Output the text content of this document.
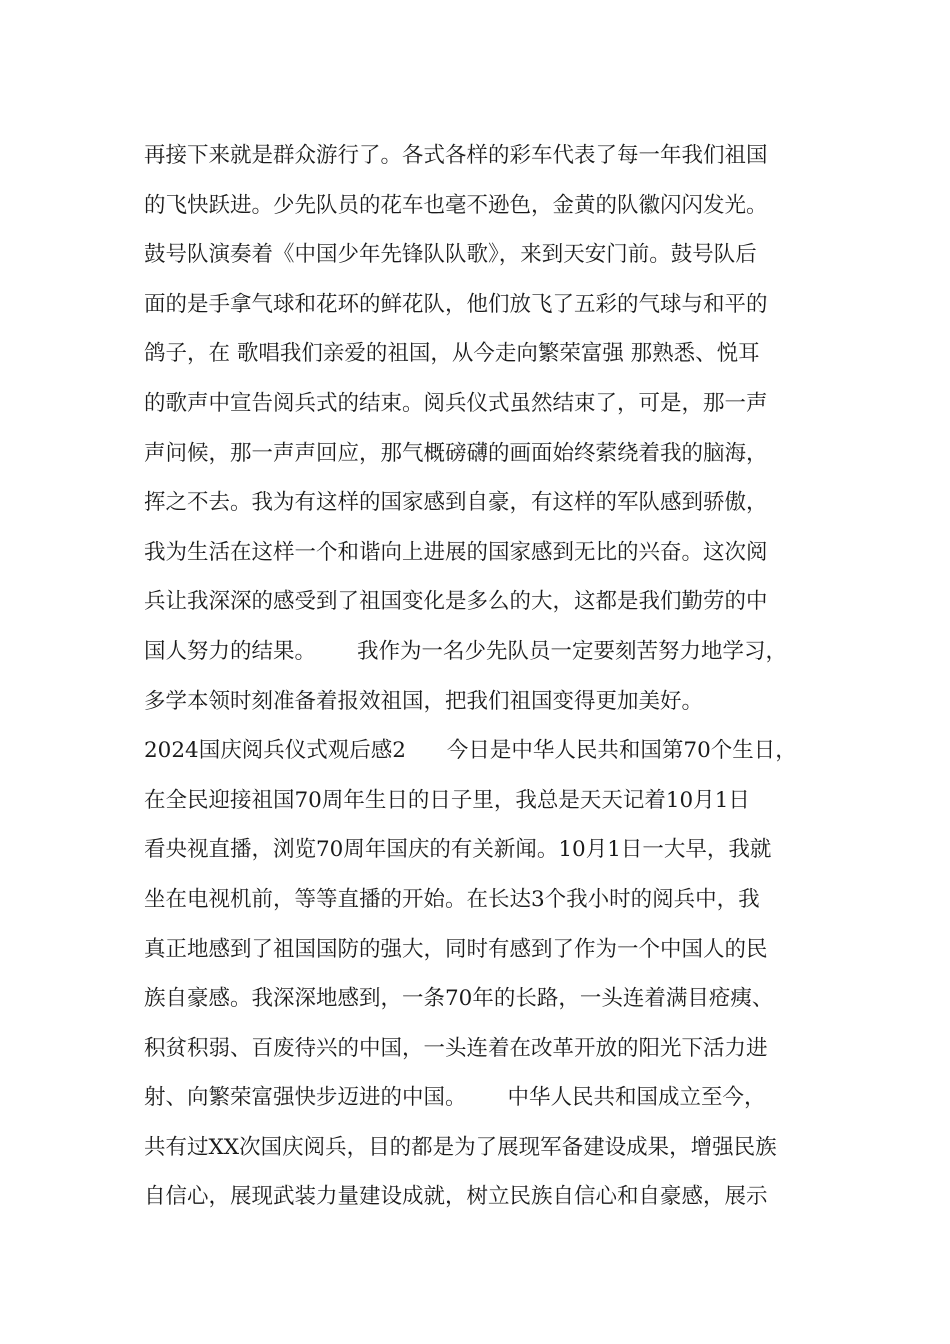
再接下来就是群众游行了。各式各样的彩车代表了每一年我们祖国
的飞快跃进。少先队员的花车也毫不逊色，金黄的队徽闪闪发光。
鼓号队演奏着《中国少年先锋队队歌》，来到天安门前。鼓号队后
面的是手拿气球和花环的鲜花队，他们放飞了五彩的气球与和平的
鸽子，在 歌唱我们亲爱的祖国，从今走向繁荣富强 那熟悉、悦耳
的歌声中宣告阅兵式的结束。阅兵仪式虽然结束了，可是，那一声
声问候，那一声声回应，那气概磅礴的画面始终萦绕着我的脑海，
挥之不去。我为有这样的国家感到自豪，有这样的军队感到骄傲，
我为生活在这样一个和谐向上进展的国家感到无比的兴奋。这次阅
兵让我深深的感受到了祖国变化是多么的大，这都是我们勤劳的中
国人努力的结果。      我作为一名少先队员一定要刻苦努力地学习，
多学本领时刻准备着报效祖国，把我们祖国变得更加美好。
2024国庆阅兵仪式观后感2      今日是中华人民共和国第70个生日，
在全民迎接祖国70周年生日的日子里，我总是天天记着10月1日
看央视直播，浏览70周年国庆的有关新闻。10月1日一大早，我就
坐在电视机前，等等直播的开始。在长达3个我小时的阅兵中，我
真正地感到了祖国国防的强大，同时有感到了作为一个中国人的民
族自豪感。我深深地感到，一条70年的长路，一头连着满目疮痍、
积贫积弱、百废待兴的中国，一头连着在改革开放的阳光下活力进
射、向繁荣富强快步迈进的中国。      中华人民共和国成立至今，
共有过XX次国庆阅兵，目的都是为了展现军备建设成果，增强民族
自信心，展现武装力量建设成就，树立民族自信心和自豪感，展示
